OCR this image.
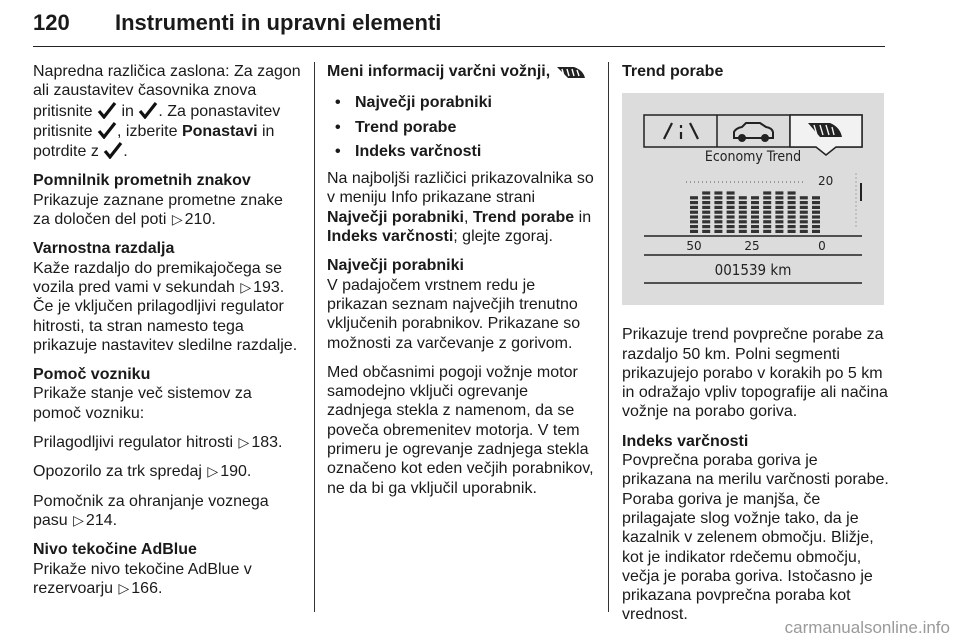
120 Instrumenti in upravni elementi

Napredna različica zaslona: Za zagon ali zaustavitev časovnika znova pritisnite  in . Za ponastavitev pritisnite , izberite Ponastavi in potrdite z .

Pomnilnik prometnih znakov

Prikazuje zaznane prometne znake za določen del poti ▷ 210.

Varnostna razdalja

Kaže razdaljo do premikajočega se vozila pred vami v sekundah ▷ 193. Če je vključen prilagodljivi regulator hitrosti, ta stran namesto tega prikazuje nastavitev sledilne razdalje.

Pomoč vozniku

Prikaže stanje več sistemov za pomoč vozniku:

Prilagodljivi regulator hitrosti ▷ 183.

Opozorilo za trk spredaj ▷ 190.

Pomočnik za ohranjanje voznega pasu ▷ 214.

Nivo tekočine AdBlue

Prikaže nivo tekočine AdBlue v rezervoarju ▷ 166.

Meni informacij varčni vožnji,
• Največji porabniki
• Trend porabe
• Indeks varčnosti

Na najboljši različici prikazovalnika so v meniju Info prikazane strani Največji porabniki, Trend porabe in Indeks varčnosti; glejte zgoraj.

Največji porabniki

V padajočem vrstnem redu je prikazan seznam največjih trenutno vključenih porabnikov. Prikazane so možnosti za varčevanje z gorivom.

Med občasnimi pogoji vožnje motor samodejno vključi ogrevanje zadnjega stekla z namenom, da se poveča obremenitev motorja. V tem primeru je ogrevanje zadnjega stekla označeno kot eden večjih porabnikov, ne da bi ga vključil uporabnik.

Trend porabe
Economy Trend
20
50	25	0
001539 km

Prikazuje trend povprečne porabe za razdaljo 50 km. Polni segmenti prikazujejo porabo v korakih po 5 km in odražajo vpliv topografije ali načina vožnje na porabo goriva.

Indeks varčnosti

Povprečna poraba goriva je prikazana na merilu varčnosti porabe. Poraba goriva je manjša, če prilagajate slog vožnje tako, da je kazalnik v zelenem območju. Bližje, kot je indikator rdečemu območju, večja je poraba goriva. Istočasno je prikazana povprečna poraba kot vrednost.

carmanualsonline.info
